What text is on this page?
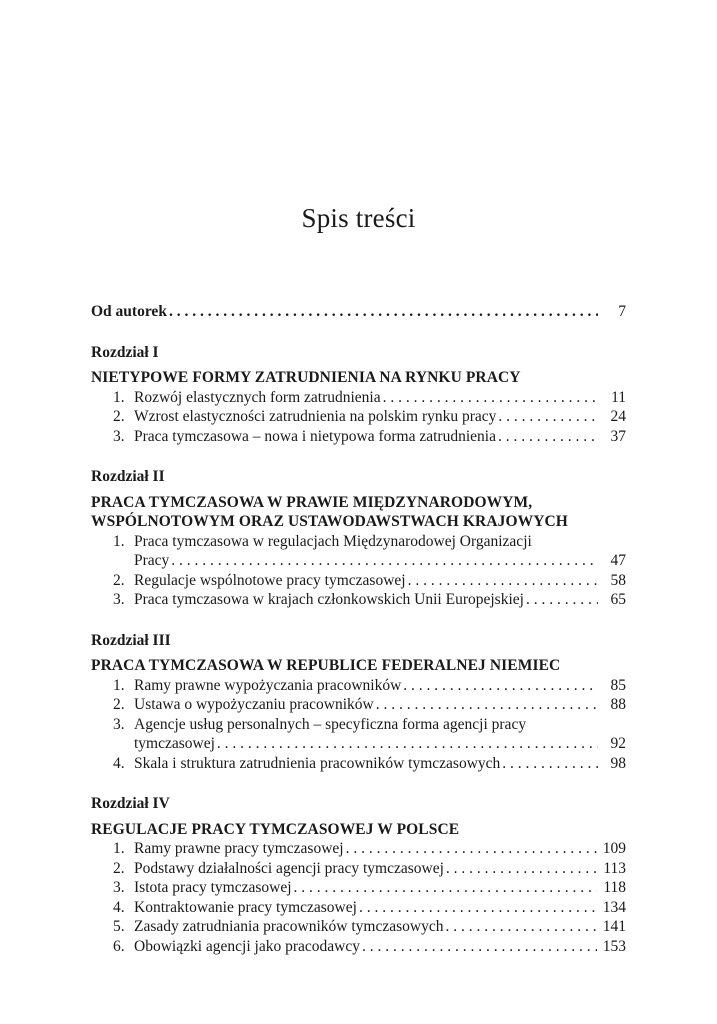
Spis treści
Od autorek . . .	7
Rozdział I
NIETYPOWE FORMY ZATRUDNIENIA NA RYNKU PRACY
1. Rozwój elastycznych form zatrudnienia . . .	11
2. Wzrost elastyczności zatrudnienia na polskim rynku pracy . . .	24
3. Praca tymczasowa – nowa i nietypowa forma zatrudnienia . . .	37
Rozdział II
PRACA TYMCZASOWA W PRAWIE MIĘDZYNARODOWYM,
WSPÓLNOTOWYM ORAZ USTAWODAWSTWACH KRAJOWYCH
1. Praca tymczasowa w regulacjach Międzynarodowej Organizacji
Pracy . . .	47
2. Regulacje wspólnotowe pracy tymczasowej . . .	58
3. Praca tymczasowa w krajach członkowskich Unii Europejskiej . . .	65
Rozdział III
PRACA TYMCZASOWA W REPUBLICE FEDERALNEJ NIEMIEC
1. Ramy prawne wypożyczania pracowników . . .	85
2. Ustawa o wypożyczaniu pracowników . . .	88
3. Agencje usług personalnych – specyficzna forma agencji pracy
tymczasowej . . .	92
4. Skala i struktura zatrudnienia pracowników tymczasowych . . .	98
Rozdział IV
REGULACJE PRACY TYMCZASOWEJ W POLSCE
1. Ramy prawne pracy tymczasowej . . .	109
2. Podstawy działalności agencji pracy tymczasowej . . .	113
3. Istota pracy tymczasowej . . .	118
4. Kontraktowanie pracy tymczasowej . . .	134
5. Zasady zatrudniania pracowników tymczasowych . . .	141
6. Obowiązki agencji jako pracodawcy . . .	153
